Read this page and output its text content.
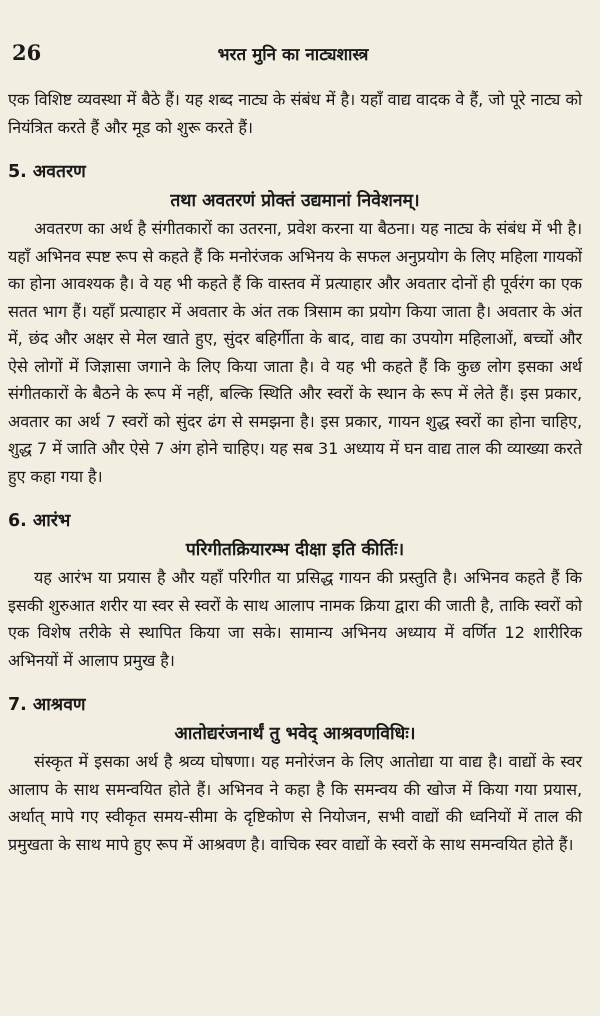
26	भरत मुनि का नाट्यशास्त्र

एक विशिष्ट व्यवस्था में बैठे हैं। यह शब्द नाट्य के संबंध में है। यहाँ वाद्य वादक वे हैं, जो पूरे नाट्य को नियंत्रित करते हैं और मूड को शुरू करते हैं।

5. अवतरण
तथा अवतरणं प्रोक्तं उद्यमानां निवेशनम्।

अवतरण का अर्थ है संगीतकारों का उतरना, प्रवेश करना या बैठना। यह नाट्य के संबंध में भी है। यहाँ अभिनव स्पष्ट रूप से कहते हैं कि मनोरंजक अभिनय के सफल अनुप्रयोग के लिए महिला गायकों का होना आवश्यक है। वे यह भी कहते हैं कि वास्तव में प्रत्याहार और अवतार दोनों ही पूर्वरंग का एक सतत भाग हैं। यहाँ प्रत्याहार में अवतार के अंत तक त्रिसाम का प्रयोग किया जाता है। अवतार के अंत में, छंद और अक्षर से मेल खाते हुए, सुंदर बहिर्गीता के बाद, वाद्य का उपयोग महिलाओं, बच्चों और ऐसे लोगों में जिज्ञासा जगाने के लिए किया जाता है। वे यह भी कहते हैं कि कुछ लोग इसका अर्थ संगीतकारों के बैठने के रूप में नहीं, बल्कि स्थिति और स्वरों के स्थान के रूप में लेते हैं। इस प्रकार, अवतार का अर्थ 7 स्वरों को सुंदर ढंग से समझना है। इस प्रकार, गायन शुद्ध स्वरों का होना चाहिए, शुद्ध 7 में जाति और ऐसे 7 अंग होने चाहिए। यह सब 31 अध्याय में घन वाद्य ताल की व्याख्या करते हुए कहा गया है।

6. आरंभ
परिगीतक्रियारम्भ दीक्षा इति कीर्तिः।

यह आरंभ या प्रयास है और यहाँ परिगीत या प्रसिद्ध गायन की प्रस्तुति है। अभिनव कहते हैं कि इसकी शुरुआत शरीर या स्वर से स्वरों के साथ आलाप नामक क्रिया द्वारा की जाती है, ताकि स्वरों को एक विशेष तरीके से स्थापित किया जा सके। सामान्य अभिनय अध्याय में वर्णित 12 शारीरिक अभिनयों में आलाप प्रमुख है।

7. आश्रवण
आतोद्यरंजनार्थं तु भवेद् आश्रवणविधिः।

संस्कृत में इसका अर्थ है श्रव्य घोषणा। यह मनोरंजन के लिए आतोद्या या वाद्य है। वाद्यों के स्वर आलाप के साथ समन्वयित होते हैं। अभिनव ने कहा है कि समन्वय की खोज में किया गया प्रयास, अर्थात् मापे गए स्वीकृत समय-सीमा के दृष्टिकोण से नियोजन, सभी वाद्यों की ध्वनियों में ताल की प्रमुखता के साथ मापे हुए रूप में आश्रवण है। वाचिक स्वर वाद्यों के स्वरों के साथ समन्वयित होते हैं।
